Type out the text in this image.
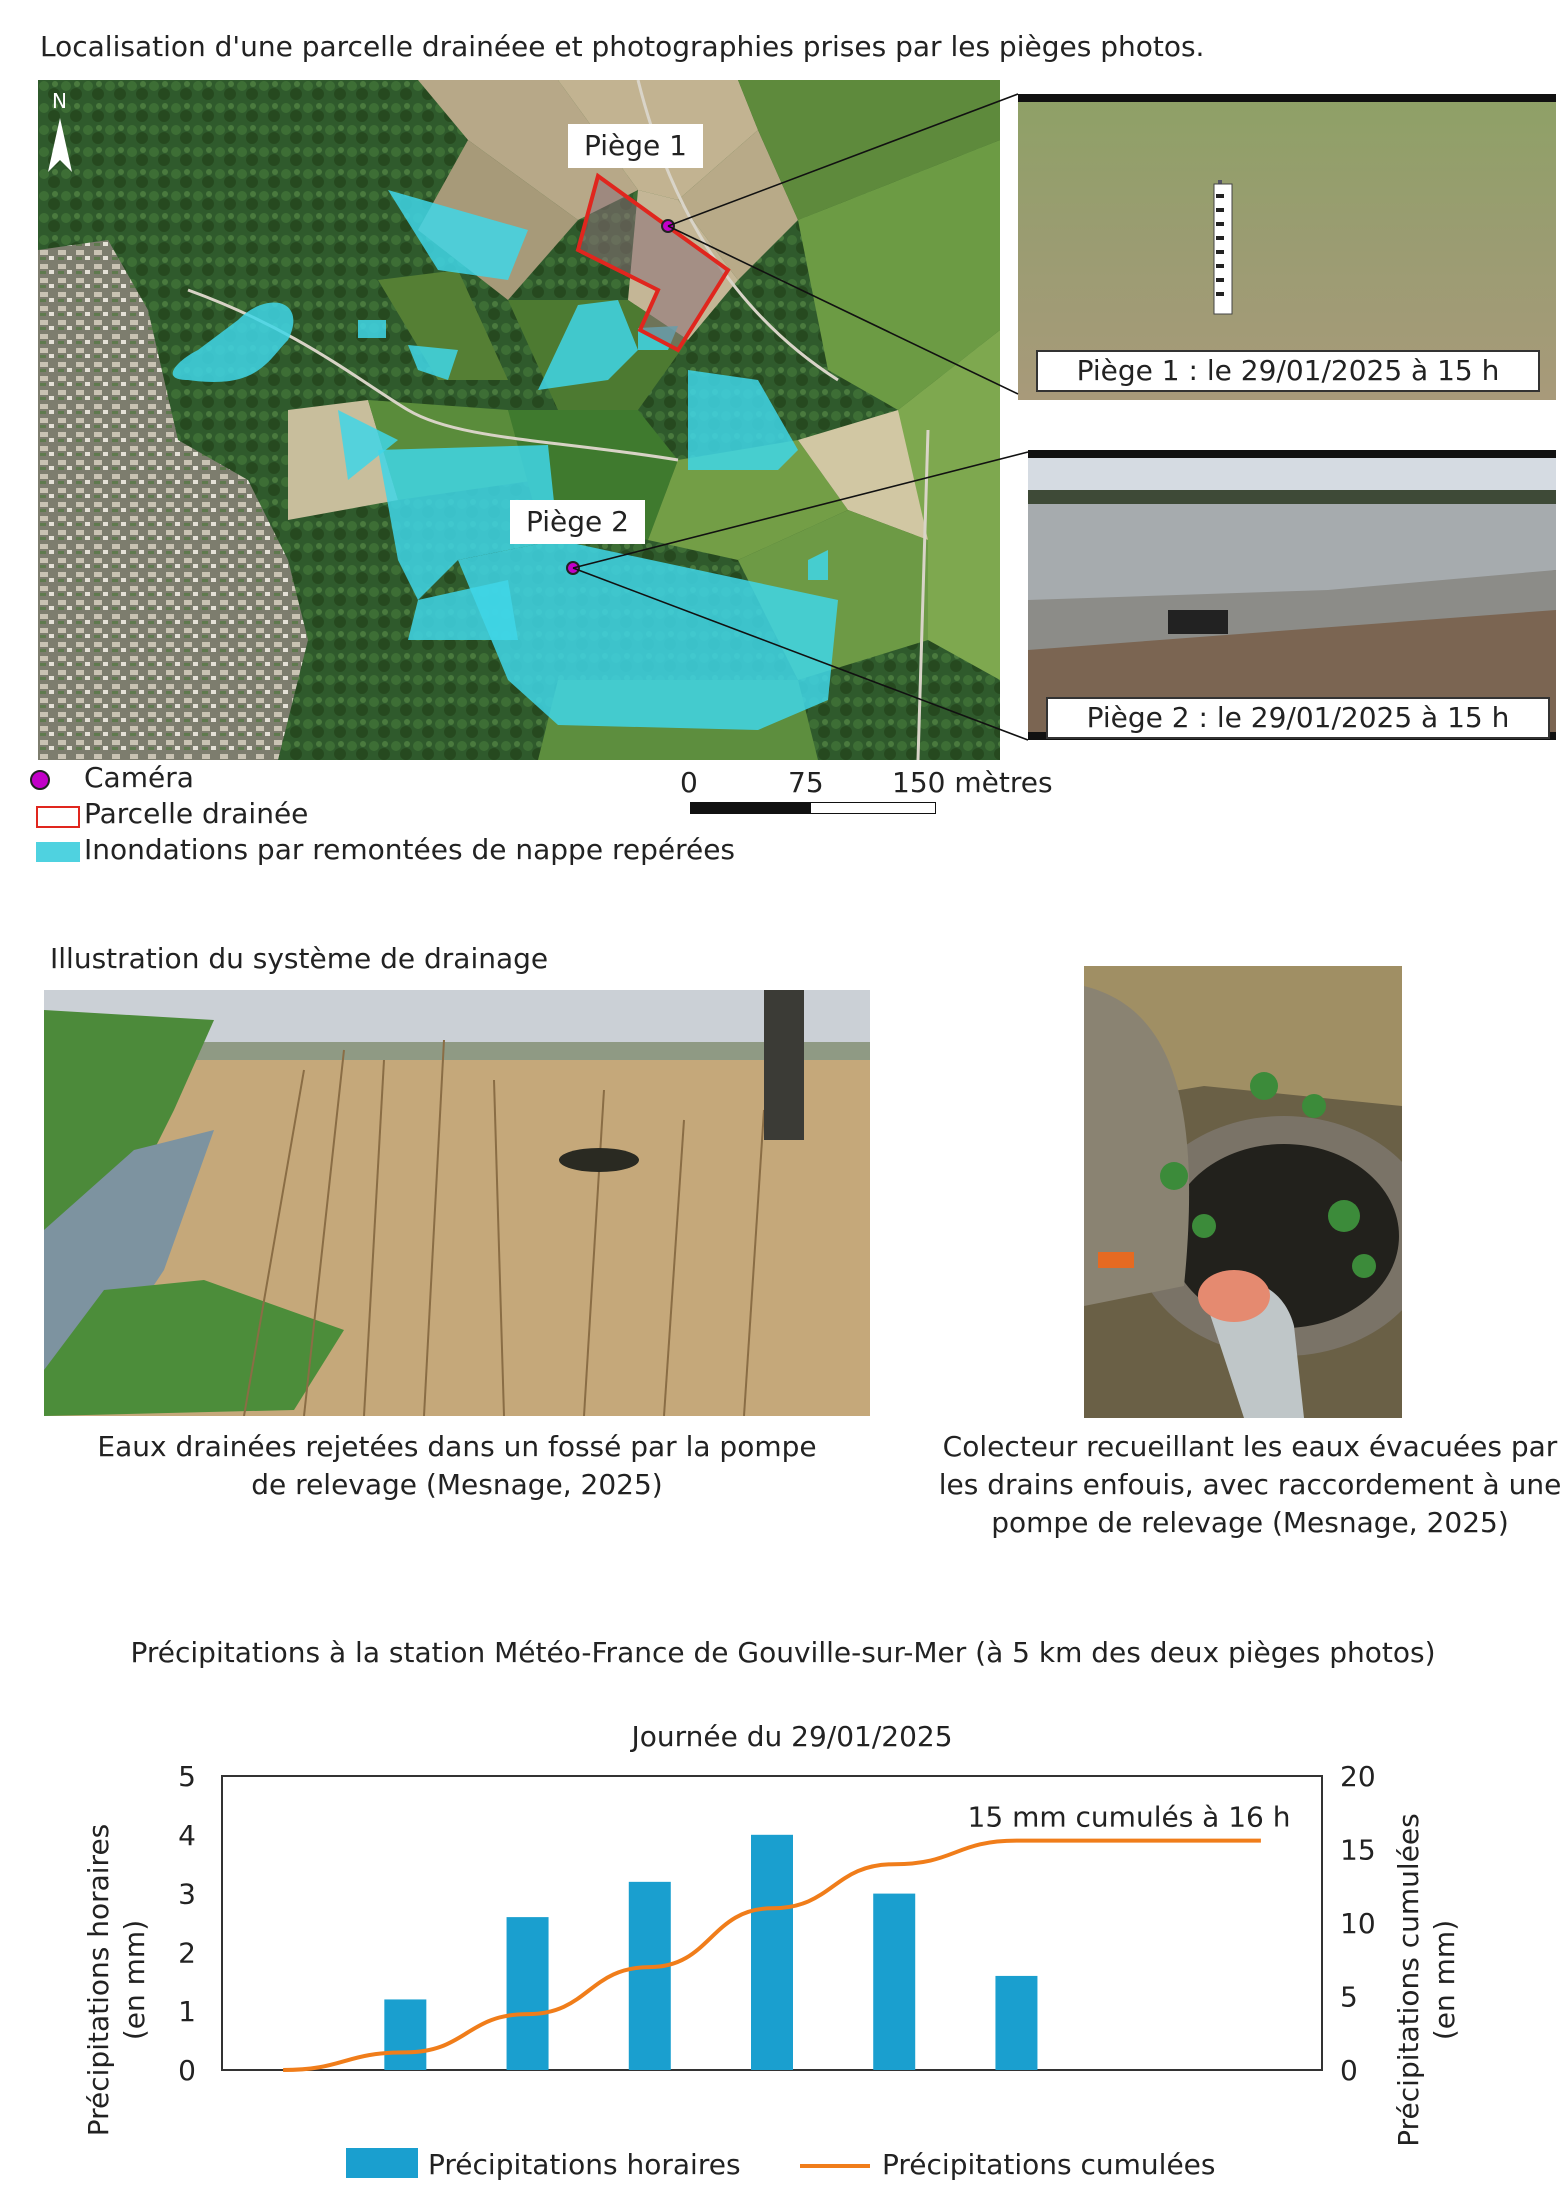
Localisation d'une parcelle drainéee et photographies prises par les pièges photos.
N
Piège 1
Piège 2
Piège 1 : le 29/01/2025 à 15 h
Piège 2 : le 29/01/2025 à 15 h
Caméra
Parcelle drainée
Inondations par remontées de nappe repérées
0	75 150 mètres
Illustration du système de drainage
Eaux drainées rejetées dans un fossé par la pompe
de relevage (Mesnage, 2025)
Colecteur recueillant les eaux évacuées par
les drains enfouis, avec raccordement à une
pompe de relevage (Mesnage, 2025)
Précipitations à la station Météo-France de Gouville-sur-Mer (à 5 km des deux pièges photos)
Journée du 29/01/2025
0
1
2
3
4
5
0
5
10
15
20
15 mm cumulés à 16 h
Précipitations horaires (en mm)	Précipitations cumulées (en mm)
Précipitations horaires	Précipitations cumulées
